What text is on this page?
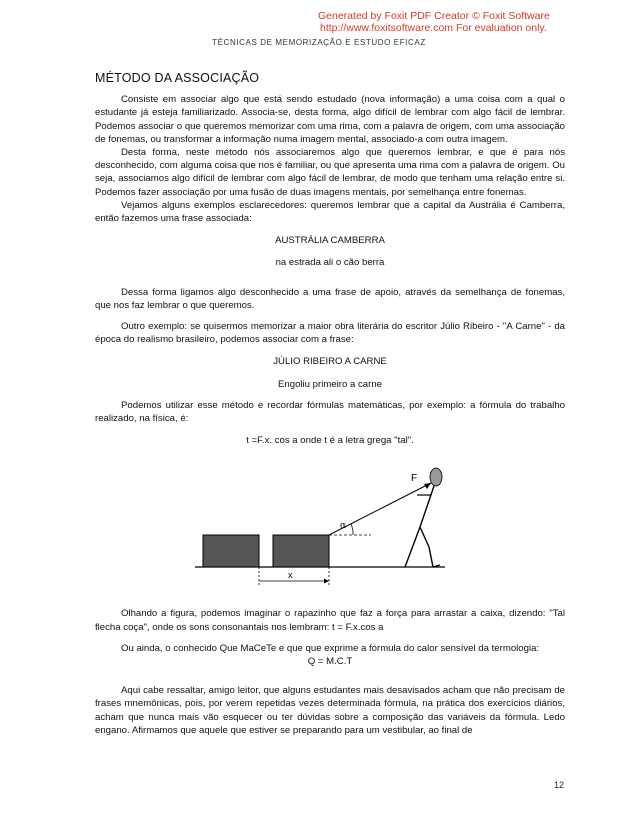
Generated by Foxit PDF Creator © Foxit Software
http://www.foxitsoftware.com For evaluation only.
TÉCNICAS DE MEMORIZAÇÃO E ESTUDO EFICAZ
MÉTODO DA ASSOCIAÇÃO

Consiste em associar algo que está sendo estudado (nova informação) a uma coisa com a qual o estudante já esteja familiarizado. Associa-se, desta forma, algo difícil de lembrar com algo fácil de lembrar. Podemos associar o que queremos memorizar com uma rima, com a palavra de origem, com uma associação de fonemas, ou transformar a informação numa imagem mental, associado-a com outra imagem.

Desta forma, neste método nós associaremos algo que queremos lembrar, e que é para nós desconhecido, com alguma coisa que nos é familiar, ou que apresenta uma rima com a palavra de origem. Ou seja, associamos algo difícil de lembrar com algo fácil de lembrar, de modo que tenham uma relação entre si. Podemos fazer associação por uma fusão de duas imagens mentais, por semelhança entre fonemas.

Vejamos alguns exemplos esclarecedores: queremos lembrar que a capital da Austrália é Camberra, então fazemos uma frase associada:

AUSTRÁLIA CAMBERRA

na estrada ali o cão berra

Dessa forma ligamos algo desconhecido a uma frase de apoio, através da semelhança de fonemas, que nos faz lembrar o que queremos.

Outro exemplo: se quisermos memorizar a maior obra literária do escritor Júlio Ribeiro - "A Carne" - da época do realismo brasileiro, podemos associar com a frase:

JÚLIO RIBEIRO A CARNE

Engoliu primeiro a carne

Podemos utilizar esse método e recordar fórmulas matemáticas, por exemplo: a fórmula do trabalho realizado, na física, é:

t =F.x. cos a onde t é a letra grega "tal".

x
F
α

Olhando a figura, podemos imaginar o rapazinho que faz a força para arrastar a caixa, dizendo: "Tal flecha coça", onde os sons consonantais nos lembram: t = F.x.cos a

Ou ainda, o conhecido Que MaCeTe e que que exprime a fórmula do calor sensível da termologia:

Q = M.C.T

Aqui cabe ressaltar, amigo leitor, que alguns estudantes mais desavisados acham que não precisam de frases mnemônicas, pois, por verem repetidas vezes determinada fórmula, na prática dos exercícios diários, acham que nunca mais vão esquecer ou ter dúvidas sobre a composição das variáveis da fórmula. Ledo engano. Afirmamos que aquele que estiver se preparando para um vestibular, ao final de

12
